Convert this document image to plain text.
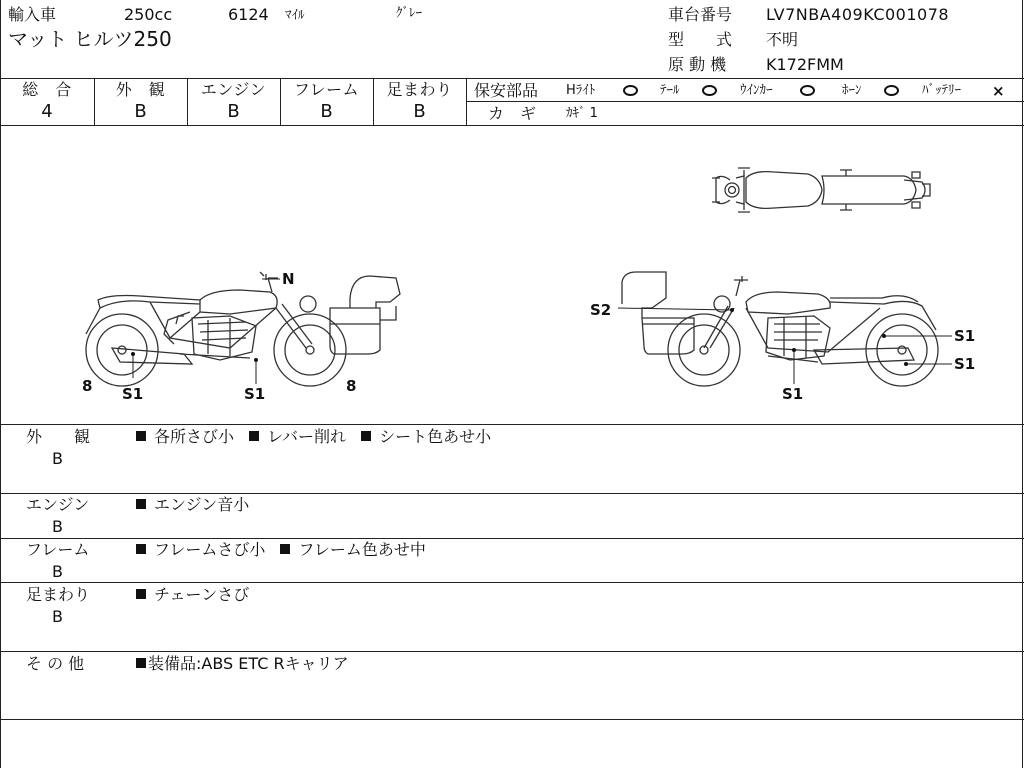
輸入車	250cc	6124 ﾏｲﾙ	ｸﾞﾚｰ
マット ヒルツ250
車台番号 LV7NBA409KC001078
型　　式 不明
原 動 機 K172FMM
総　合
4
外　観
B
エンジン
B
フレーム
B
足まわり
B
保安部品 Hﾗｲﾄ	ﾃｰﾙ	ｳｲﾝｶｰ	ﾎｰﾝ	ﾊﾞｯﾃﾘｰ ×
カ　ギ ｶｷﾞ 1
N
S1	S1
8	8
S2
S1
S1
S1
外　　観
B
各所さび小 レバー削れ シート色あせ小
エンジン
B
エンジン音小
フレーム
B
フレームさび小 フレーム色あせ中
足まわり
B
チェーンさび
そ の 他	装備品:ABS ETC Rキャリア
